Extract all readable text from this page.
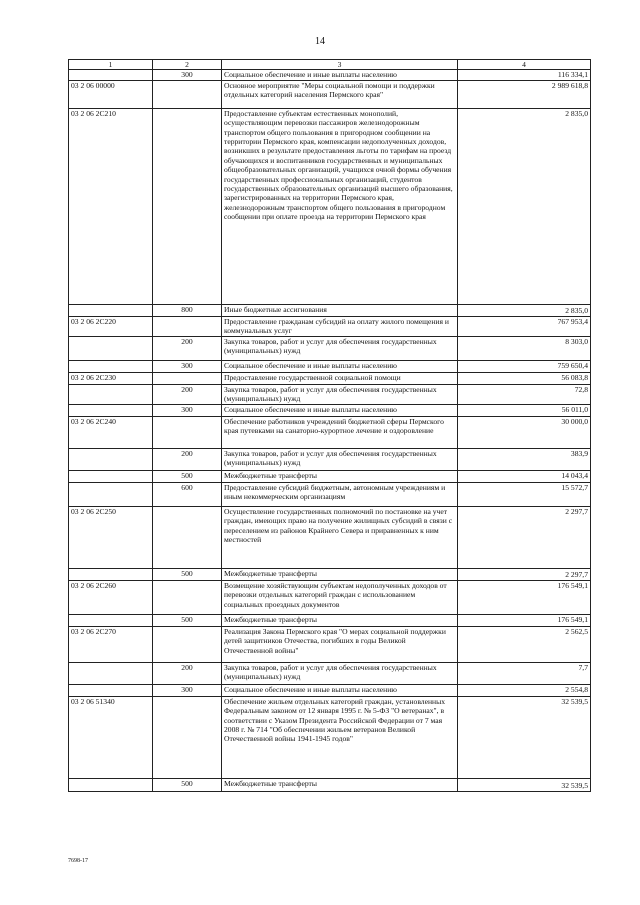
14
1	2	3	4
	300	Социальное обеспечение и иные выплаты населению	116 334,1
03 2 06 00000		Основное мероприятие "Меры социальной помощи и поддержки отдельных категорий населения Пермского края"	2 989 618,8
03 2 06 2С210		Предоставление субъектам естественных монополий, осуществляющим перевозки пассажиров железнодорожным транспортом общего пользования в пригородном сообщении на территории Пермского края, компенсации недополученных доходов, возникших в результате предоставления льготы по тарифам на проезд обучающихся и воспитанников государственных и муниципальных общеобразовательных организаций, учащихся очной формы обучения государственных профессиональных организаций, студентов государственных образовательных организаций высшего образования, зарегистрированных на территории Пермского края, железнодорожным транспортом общего пользования в пригородном сообщении при оплате проезда на территории Пермского края	2 835,0
	800	Иные бюджетные ассигнования	2 835,0
03 2 06 2С220		Предоставление гражданам субсидий на оплату жилого помещения и коммунальных услуг	767 953,4
	200	Закупка товаров, работ и услуг для обеспечения государственных (муниципальных) нужд	8 303,0
	300	Социальное обеспечение и иные выплаты населению	759 650,4
03 2 06 2С230		Предоставление государственной социальной помощи	56 083,8
	200	Закупка товаров, работ и услуг для обеспечения государственных (муниципальных) нужд	72,8
	300	Социальное обеспечение и иные выплаты населению	56 011,0
03 2 06 2С240		Обеспечение работников учреждений бюджетной сферы Пермского края путевками на санаторно-курортное лечение и оздоровление	30 000,0
	200	Закупка товаров, работ и услуг для обеспечения государственных (муниципальных) нужд	383,9
	500	Межбюджетные трансферты	14 043,4
	600	Предоставление субсидий бюджетным, автономным учреждениям и иным некоммерческим организациям	15 572,7
03 2 06 2С250		Осуществление государственных полномочий по постановке на учет граждан, имеющих право на получение жилищных субсидий в связи с переселением из районов Крайнего Севера и приравненных к ним местностей	2 297,7
	500	Межбюджетные трансферты	2 297,7
03 2 06 2С260		Возмещение хозяйствующим субъектам недополученных доходов от перевозки отдельных категорий граждан с использованием социальных проездных документов	176 549,1
	500	Межбюджетные трансферты	176 549,1
03 2 06 2С270		Реализация Закона Пермского края "О мерах социальной поддержки детей защитников Отечества, погибших в годы Великой Отечественной войны"	2 562,5
	200	Закупка товаров, работ и услуг для обеспечения государственных (муниципальных) нужд	7,7
	300	Социальное обеспечение и иные выплаты населению	2 554,8
03 2 06 51340		Обеспечение жильем отдельных категорий граждан, установленных Федеральным законом от 12 января 1995 г. № 5-ФЗ "О ветеранах", в соответствии с Указом Президента Российской Федерации от 7 мая 2008 г. № 714 "Об обеспечении жильем ветеранов Великой Отечественной войны 1941-1945 годов"	32 539,5
	500	Межбюджетные трансферты	32 539,5
7698-17
